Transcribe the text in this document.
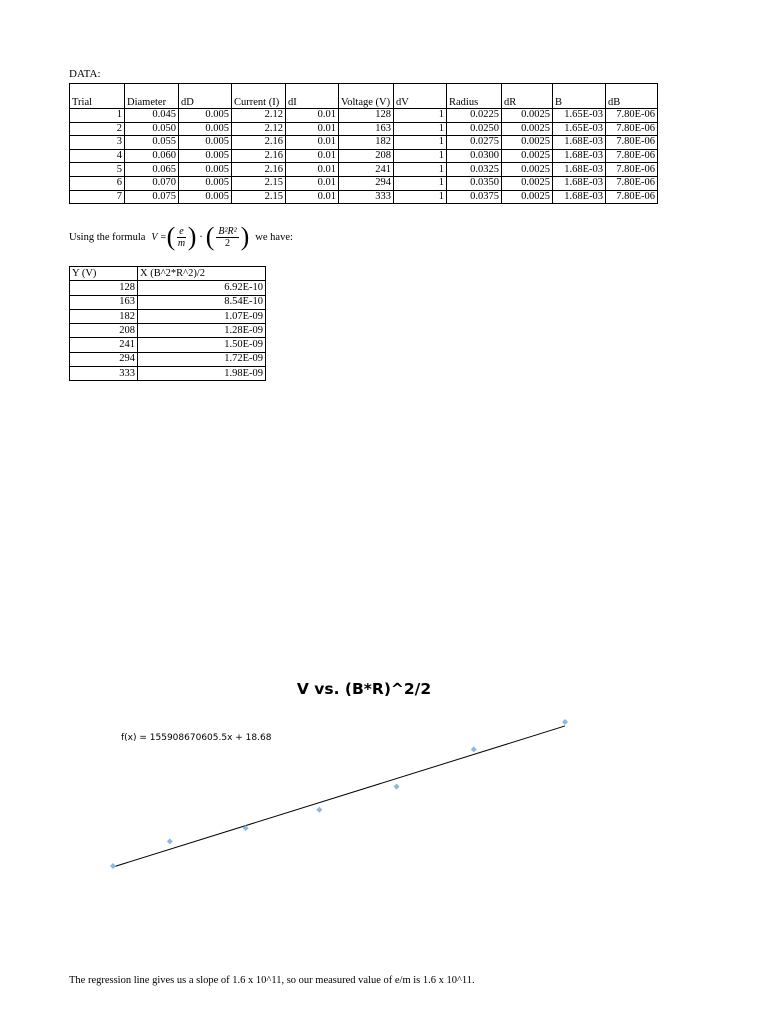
DATA:
Trial	Diameter	dD	Current (I)	dI	Voltage (V)	dV	Radius	dR	B	dB
1	0.045	0.005	2.12	0.01	128	1	0.0225	0.0025	1.65E-03	7.80E-06
2	0.050	0.005	2.12	0.01	163	1	0.0250	0.0025	1.65E-03	7.80E-06
3	0.055	0.005	2.16	0.01	182	1	0.0275	0.0025	1.68E-03	7.80E-06
4	0.060	0.005	2.16	0.01	208	1	0.0300	0.0025	1.68E-03	7.80E-06
5	0.065	0.005	2.16	0.01	241	1	0.0325	0.0025	1.68E-03	7.80E-06
6	0.070	0.005	2.15	0.01	294	1	0.0350	0.0025	1.68E-03	7.80E-06
7	0.075	0.005	2.15	0.01	333	1	0.0375	0.0025	1.68E-03	7.80E-06
Using the formula V = ( $\frac{e}{m}$ ) · ( $\frac{\text{B²R²}}{2}$ ) we have:
Y (V)	X (B^2*R^2)/2
128	6.92E-10
163	8.54E-10
182	1.07E-09
208	1.28E-09
241	1.50E-09
294	1.72E-09
333	1.98E-09
V vs. (B*R)^2/2
f(x) = 155908670605.5x + 18.68
The regression line gives us a slope of 1.6 x 10^11, so our measured value of e/m is 1.6 x 10^11.
